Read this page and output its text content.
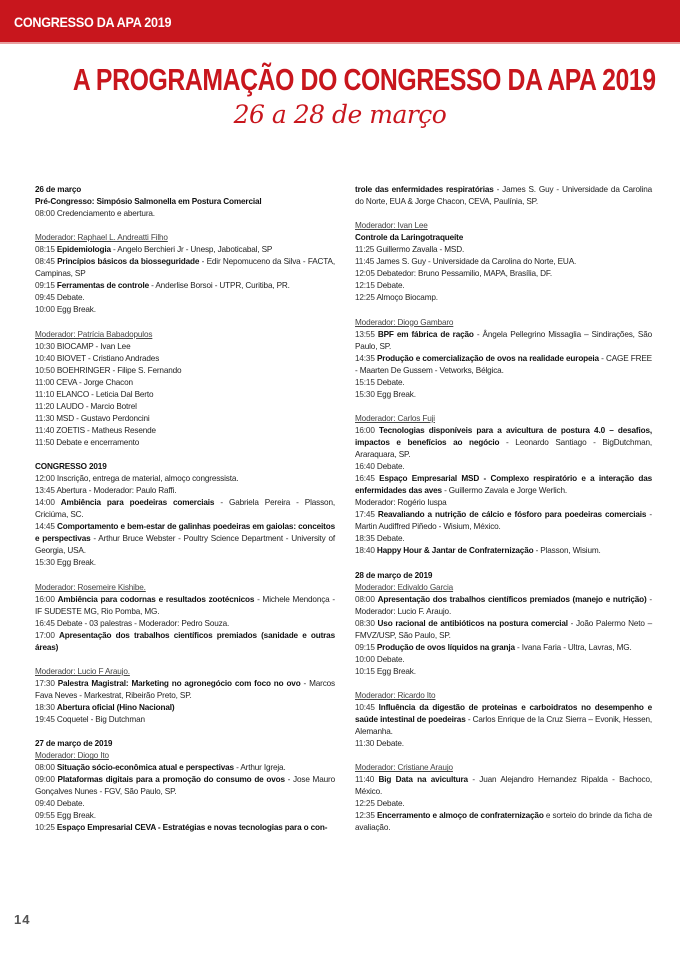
CONGRESSO DA APA 2019
A PROGRAMAÇÃO DO CONGRESSO DA APA 2019
26 a 28 de março
26 de março
Pré-Congresso: Simpósio Salmonella em Postura Comercial
08:00 Credenciamento e abertura.
Moderador: Raphael L. Andreatti Filho
08:15 Epidemiologia - Angelo Berchieri Jr - Unesp, Jaboticabal, SP
08:45 Princípios básicos da biosseguridade - Edir Nepomuceno da Silva - FACTA, Campinas, SP
09:15 Ferramentas de controle - Anderlise Borsoi - UTPR, Curitiba, PR.
09:45 Debate.
10:00 Egg Break.
Moderador: Patrícia Babadopulos
10:30 BIOCAMP - Ivan Lee
10:40 BIOVET - Cristiano Andrades
10:50 BOEHRINGER - Filipe S. Fernando
11:00 CEVA - Jorge Chacon
11:10 ELANCO - Leticia Dal Berto
11:20 LAUDO - Marcio Botrel
11:30 MSD - Gustavo Perdoncini
11:40 ZOETIS - Matheus Resende
11:50 Debate e encerramento
CONGRESSO 2019
12:00 Inscrição, entrega de material, almoço congressista.
13:45 Abertura - Moderador: Paulo Raffi.
14:00 Ambiência para poedeiras comerciais - Gabriela Pereira - Plasson, Criciúma, SC.
14:45 Comportamento e bem-estar de galinhas poedeiras em gaiolas: conceitos e perspectivas - Arthur Bruce Webster - Poultry Science Department - University of Georgia, USA.
15:30 Egg Break.
Moderador: Rosemeire Kishibe.
16:00 Ambiência para codornas e resultados zootécnicos - Michele Mendonça - IF SUDESTE MG, Rio Pomba, MG.
16:45 Debate - 03 palestras - Moderador: Pedro Souza.
17:00 Apresentação dos trabalhos científicos premiados (sanidade e outras áreas)
Moderador: Lucio F Araujo.
17:30 Palestra Magistral: Marketing no agronegócio com foco no ovo - Marcos Fava Neves - Markestrat, Ribeirão Preto, SP.
18:30 Abertura oficial (Hino Nacional)
19:45 Coquetel - Big Dutchman
27 de março de 2019
Moderador: Diogo Ito
08:00 Situação sócio-econômica atual e perspectivas - Arthur Igreja.
09:00 Plataformas digitais para a promoção do consumo de ovos - Jose Mauro Gonçalves Nunes - FGV, São Paulo, SP.
09:40 Debate.
09:55 Egg Break.
10:25 Espaço Empresarial CEVA - Estratégias e novas tecnologias para o con-
trole das enfermidades respiratórias - James S. Guy - Universidade da Carolina do Norte, EUA & Jorge Chacon, CEVA, Paulínia, SP.
Moderador: Ivan Lee
Controle da Laringotraqueíte
11:25 Guillermo Zavalla - MSD.
11:45 James S. Guy - Universidade da Carolina do Norte, EUA.
12:05 Debatedor: Bruno Pessamilio, MAPA, Brasília, DF.
12:15 Debate.
12:25 Almoço Biocamp.
Moderador: Diogo Gambaro
13:55 BPF em fábrica de ração - Ângela Pellegrino Missaglia – Sindirações, São Paulo, SP.
14:35 Produção e comercialização de ovos na realidade europeia - CAGE FREE - Maarten De Gussem - Vetworks, Bélgica.
15:15 Debate.
15:30 Egg Break.
Moderador: Carlos Fuji
16:00 Tecnologias disponíveis para a avicultura de postura 4.0 – desafios, impactos e benefícios ao negócio - Leonardo Santiago - BigDutchman, Araraquara, SP.
16:40 Debate.
16:45 Espaço Empresarial MSD - Complexo respiratório e a interação das enfermidades das aves - Guillermo Zavala e Jorge Werlich.
Moderador: Rogério Iuspa
17:45 Reavaliando a nutrição de cálcio e fósforo para poedeiras comerciais - Martin Audiffred Piñedo - Wisium, México.
18:35 Debate.
18:40 Happy Hour & Jantar de Confraternização - Plasson, Wisium.
28 de março de 2019
Moderador: Edivaldo Garcia
08:00 Apresentação dos trabalhos científicos premiados (manejo e nutrição) - Moderador: Lucio F. Araujo.
08:30 Uso racional de antibióticos na postura comercial - João Palermo Neto – FMVZ/USP, São Paulo, SP.
09:15 Produção de ovos líquidos na granja - Ivana Faria - Ultra, Lavras, MG.
10:00 Debate.
10:15 Egg Break.
Moderador: Ricardo Ito
10:45 Influência da digestão de proteinas e carboidratos no desempenho e saúde intestinal de poedeiras - Carlos Enrique de la Cruz Sierra – Evonik, Hessen, Alemanha.
11:30 Debate.
Moderador: Cristiane Araujo
11:40 Big Data na avicultura - Juan Alejandro Hernandez Ripalda - Bachoco, México.
12:25 Debate.
12:35 Encerramento e almoço de confraternização e sorteio do brinde da ficha de avaliação.
14
